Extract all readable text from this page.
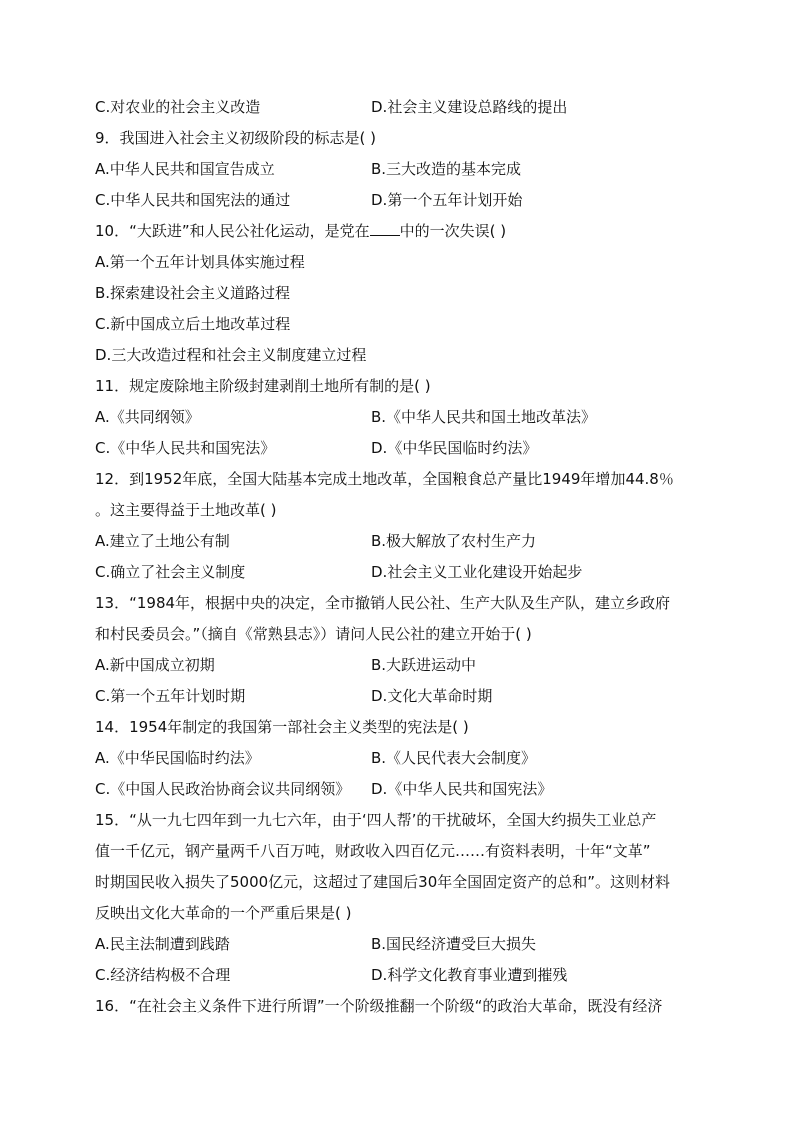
C.对农业的社会主义改造	D.社会主义建设总路线的提出
9．我国进入社会主义初级阶段的标志是( )
A.中华人民共和国宣告成立	B.三大改造的基本完成
C.中华人民共和国宪法的通过	D.第一个五年计划开始
10．“大跃进”和人民公社化运动，是党在 中的一次失误( )
A.第一个五年计划具体实施过程
B.探索建设社会主义道路过程
C.新中国成立后土地改革过程
D.三大改造过程和社会主义制度建立过程
11．规定废除地主阶级封建剥削土地所有制的是( )
A.《共同纲领》	B.《中华人民共和国土地改革法》
C.《中华人民共和国宪法》	D.《中华民国临时约法》
12．到1952年底，全国大陆基本完成土地改革，全国粮食总产量比1949年增加44.8％
。这主要得益于土地改革( )
A.建立了土地公有制	B.极大解放了农村生产力
C.确立了社会主义制度	D.社会主义工业化建设开始起步
13．“1984年，根据中央的决定，全市撤销人民公社、生产大队及生产队，建立乡政府
和村民委员会。”（摘自《常熟县志》）请问人民公社的建立开始于( )
A.新中国成立初期	B.大跃进运动中
C.第一个五年计划时期	D.文化大革命时期
14．1954年制定的我国第一部社会主义类型的宪法是( )
A.《中华民国临时约法》	B.《人民代表大会制度》
C.《中国人民政治协商会议共同纲领》	D.《中华人民共和国宪法》
15．“从一九七四年到一九七六年，由于‘四人帮’的干扰破坏，全国大约损失工业总产
值一千亿元，钢产量两千八百万吨，财政收入四百亿元……有资料表明，十年“文革”
时期国民收入损失了5000亿元，这超过了建国后30年全国固定资产的总和”。这则材料
反映出文化大革命的一个严重后果是( )
A.民主法制遭到践踏	B.国民经济遭受巨大损失
C.经济结构极不合理	D.科学文化教育事业遭到摧残
16．“在社会主义条件下进行所谓”一个阶级推翻一个阶级“的政治大革命，既没有经济
